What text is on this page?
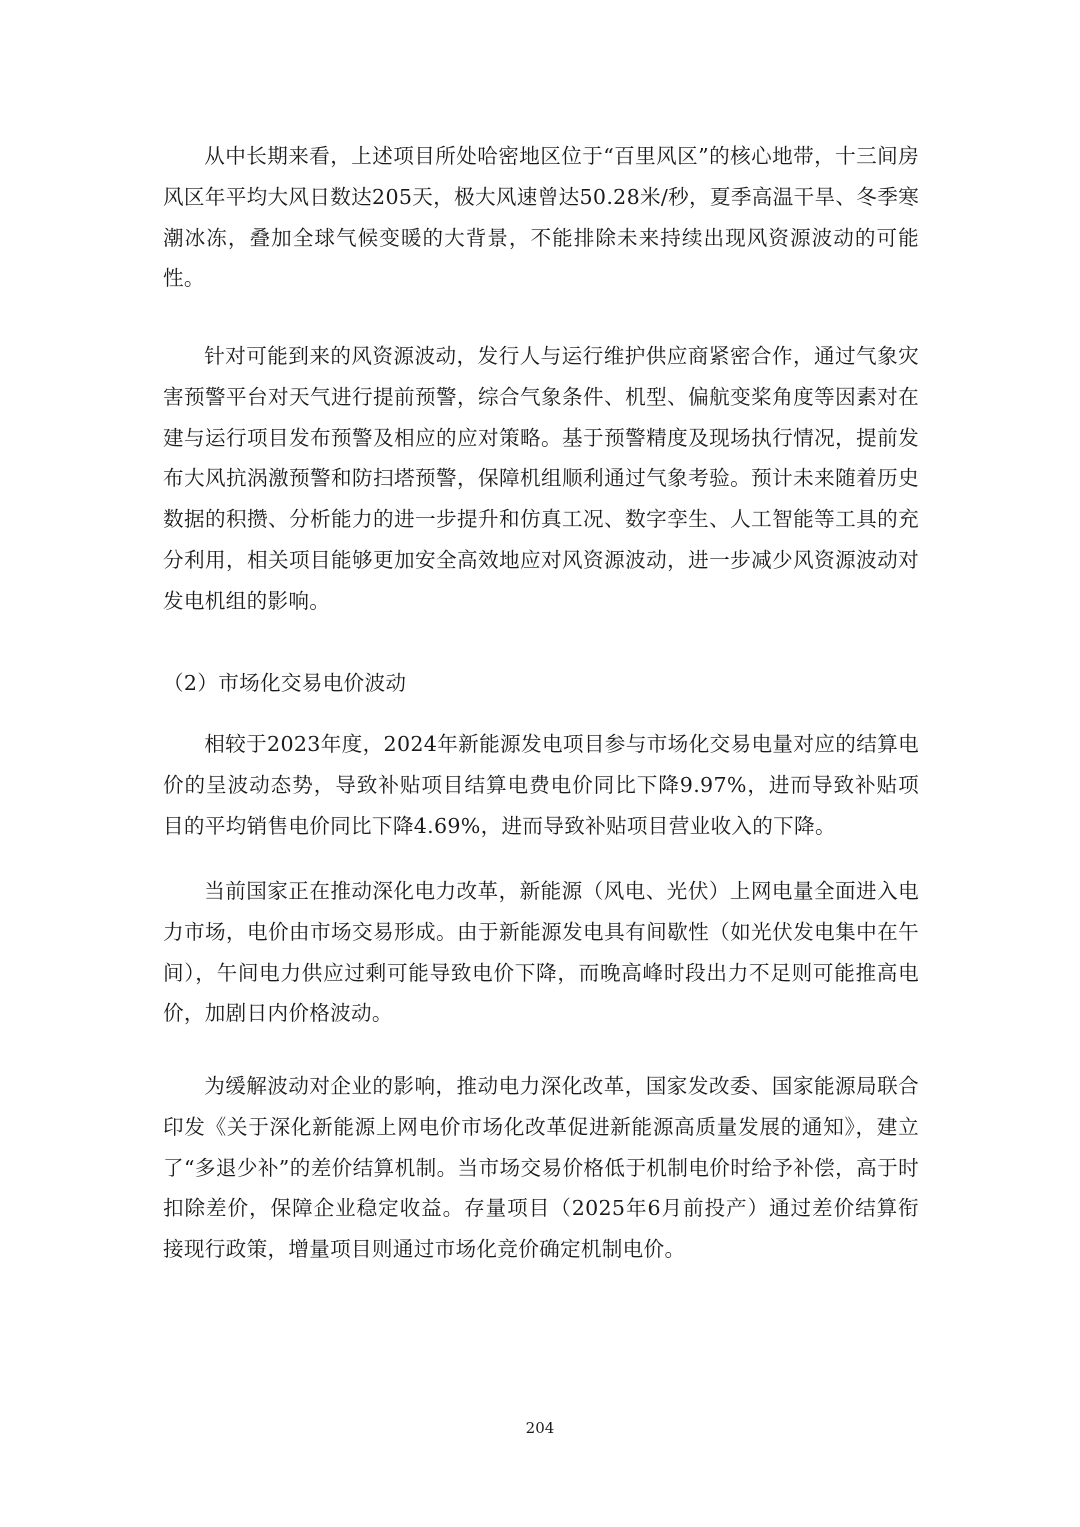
从中长期来看，上述项目所处哈密地区位于“百里风区”的核心地带，十三间房风区年平均大风日数达205天，极大风速曾达50.28米/秒，夏季高温干旱、冬季寒潮冰冻，叠加全球气候变暖的大背景，不能排除未来持续出现风资源波动的可能性。

针对可能到来的风资源波动，发行人与运行维护供应商紧密合作，通过气象灾害预警平台对天气进行提前预警，综合气象条件、机型、偏航变桨角度等因素对在建与运行项目发布预警及相应的应对策略。基于预警精度及现场执行情况，提前发布大风抗涡激预警和防扫塔预警，保障机组顺利通过气象考验。预计未来随着历史数据的积攒、分析能力的进一步提升和仿真工况、数字孪生、人工智能等工具的充分利用，相关项目能够更加安全高效地应对风资源波动，进一步减少风资源波动对发电机组的影响。

（2）市场化交易电价波动

相较于2023年度，2024年新能源发电项目参与市场化交易电量对应的结算电价的呈波动态势，导致补贴项目结算电费电价同比下降9.97%，进而导致补贴项目的平均销售电价同比下降4.69%，进而导致补贴项目营业收入的下降。

当前国家正在推动深化电力改革，新能源（风电、光伏）上网电量全面进入电力市场，电价由市场交易形成。由于新能源发电具有间歇性（如光伏发电集中在午间），午间电力供应过剩可能导致电价下降，而晚高峰时段出力不足则可能推高电价，加剧日内价格波动。

为缓解波动对企业的影响，推动电力深化改革，国家发改委、国家能源局联合印发《关于深化新能源上网电价市场化改革促进新能源高质量发展的通知》，建立了“多退少补”的差价结算机制。当市场交易价格低于机制电价时给予补偿，高于时扣除差价，保障企业稳定收益。存量项目（2025年6月前投产）通过差价结算衔接现行政策，增量项目则通过市场化竞价确定机制电价。

204
